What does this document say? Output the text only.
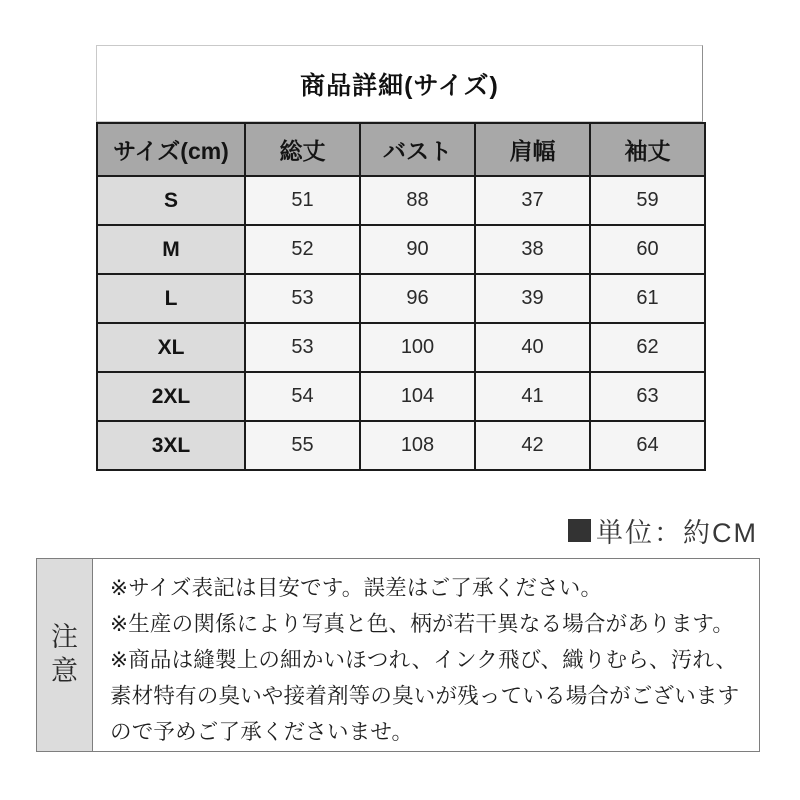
商品詳細(サイズ)
サイズ(cm)	総丈	バスト	肩幅	袖丈
S	51	88	37	59
M	52	90	38	60
L	53	96	39	61
XL	53	100	40	62
2XL	54	104	41	63
3XL	55	108	42	64
単位：約CM
注意
※サイズ表記は目安です。誤差はご了承ください。
※生産の関係により写真と色、柄が若干異なる場合があります。
※商品は縫製上の細かいほつれ、インク飛び、織りむら、汚れ、
素材特有の臭いや接着剤等の臭いが残っている場合がございます
ので予めご了承くださいませ。
